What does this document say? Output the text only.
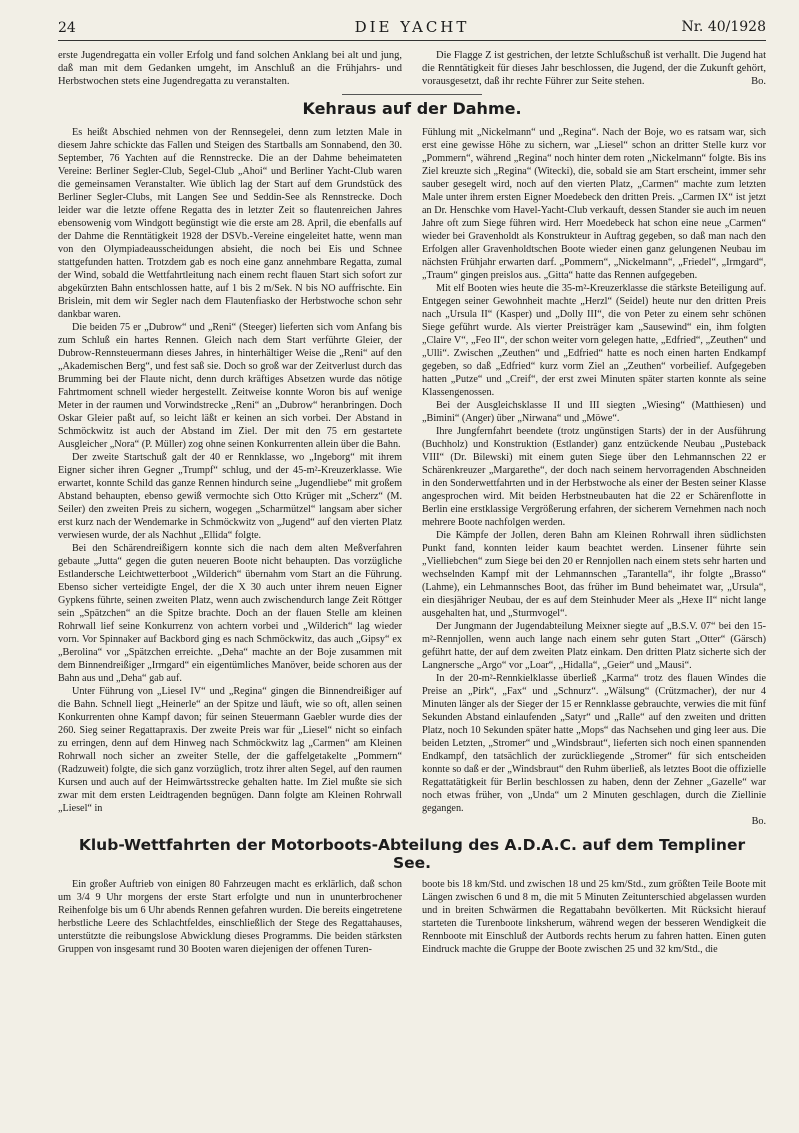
24	DIE YACHT	Nr. 40/1928

erste Jugendregatta ein voller Erfolg und fand solchen Anklang bei alt und jung, daß man mit dem Gedanken umgeht, im Anschluß an die Frühjahrs- und Herbstwochen stets eine Jugendregatta zu veranstalten.

Die Flagge Z ist gestrichen, der letzte Schlußschuß ist verhallt. Die Jugend hat die Renntätigkeit für dieses Jahr beschlossen, die Jugend, der die Zukunft gehört, vorausgesetzt, daß ihr rechte Führer zur Seite stehen.	Bo.

Kehraus auf der Dahme.

Es heißt Abschied nehmen von der Rennsegelei, denn zum letzten Male in diesem Jahre schickte das Fallen und Steigen des Startballs am Sonnabend, den 30. September, 76 Yachten auf die Rennstrecke. Die an der Dahme beheimateten Vereine: Berliner Segler-Club, Segel-Club „Ahoi“ und Berliner Yacht-Club waren die gemeinsamen Veranstalter. Wie üblich lag der Start auf dem Grundstück des Berliner Segler-Clubs, mit Langen See und Seddin-See als Rennstrecke. Doch leider war die letzte offene Regatta des in letzter Zeit so flautenreichen Jahres ebensowenig vom Windgott begünstigt wie die erste am 28. April, die ebenfalls auf der Dahme die Renntätigkeit 1928 der DSVb.-Vereine eingeleitet hatte, wenn man von den Olympiadeausscheidungen absieht, die noch bei Eis und Schnee stattgefunden hatten. Trotzdem gab es noch eine ganz annehmbare Regatta, zumal der Wind, sobald die Wettfahrtleitung nach einem recht flauen Start sich sofort zur abgekürzten Bahn entschlossen hatte, auf 1 bis 2 m/Sek. N bis NO auffrischte. Ein Brislein, mit dem wir Segler nach dem Flautenfiasko der Herbstwoche schon sehr dankbar waren.

Die beiden 75 er „Dubrow“ und „Reni“ (Steeger) lieferten sich vom Anfang bis zum Schluß ein hartes Rennen. Gleich nach dem Start verführte Gleier, der Dubrow-Rennsteuermann dieses Jahres, in hinterhältiger Weise die „Reni“ auf den „Akademischen Berg“, und fest saß sie. Doch so groß war der Zeitverlust durch das Brumming bei der Flaute nicht, denn durch kräftiges Absetzen wurde das nötige Fahrtmoment schnell wieder hergestellt. Zeitweise konnte Woron bis auf wenige Meter in der raumen und Vorwindstrecke „Reni“ an „Dubrow“ heranbringen. Doch Oskar Gleier paßt auf, so leicht läßt er keinen an sich vorbei. Der Abstand in Schmöckwitz ist auch der Abstand im Ziel. Der mit den 75 ern gestartete Ausgleicher „Nora“ (P. Müller) zog ohne seinen Konkurrenten allein über die Bahn.

Der zweite Startschuß galt der 40 er Rennklasse, wo „Ingeborg“ mit ihrem Eigner sicher ihren Gegner „Trumpf“ schlug, und der 45-m²-Kreuzerklasse. Wie erwartet, konnte Schild das ganze Rennen hindurch seine „Jugendliebe“ mit großem Abstand behaupten, ebenso gewiß vermochte sich Otto Krüger mit „Scherz“ (M. Seiler) den zweiten Preis zu sichern, wogegen „Scharmützel“ langsam aber sicher erst kurz nach der Wendemarke in Schmöckwitz von „Jugend“ auf den vierten Platz verwiesen wurde, der als Nachhut „Ellida“ folgte.

Bei den Schärendreißigern konnte sich die nach dem alten Meßverfahren gebaute „Jutta“ gegen die guten neueren Boote nicht behaupten. Das vorzügliche Estlandersche Leichtwetterboot „Wilderich“ übernahm vom Start an die Führung. Ebenso sicher verteidigte Engel, der die X 30 auch unter ihrem neuen Eigner Gypkens führte, seinen zweiten Platz, wenn auch zwischendurch lange Zeit Röttger sein „Spätzchen“ an die Spitze brachte. Doch an der flauen Stelle am kleinen Rohrwall lief seine Konkurrenz von achtern vorbei und „Wilderich“ lag wieder vorn. Vor Spinnaker auf Backbord ging es nach Schmöckwitz, das auch „Gipsy“ ex „Berolina“ vor „Spätzchen erreichte. „Deha“ machte an der Boje zusammen mit dem Binnendreißiger „Irmgard“ ein eigentümliches Manöver, beide schoren aus der Bahn aus und „Deha“ gab auf.

Unter Führung von „Liesel IV“ und „Regina“ gingen die Binnendreißiger auf die Bahn. Schnell liegt „Heinerle“ an der Spitze und läuft, wie so oft, allen seinen Konkurrenten ohne Kampf davon; für seinen Steuermann Gaebler wurde dies der 260. Sieg seiner Regattapraxis. Der zweite Preis war für „Liesel“ nicht so einfach zu erringen, denn auf dem Hinweg nach Schmöckwitz lag „Carmen“ am Kleinen Rohrwall noch sicher an zweiter Stelle, der die gaffelgetakelte „Pommern“ (Radzuweit) folgte, die sich ganz vorzüglich, trotz ihrer alten Segel, auf den raumen Kursen und auch auf der Heimwärtsstrecke gehalten hatte. Im Ziel mußte sie sich zwar mit dem ersten Leidtragenden begnügen. Dann folgte am Kleinen Rohrwall „Liesel“ in

Fühlung mit „Nickelmann“ und „Regina“. Nach der Boje, wo es ratsam war, sich erst eine gewisse Höhe zu sichern, war „Liesel“ schon an dritter Stelle kurz vor „Pommern“, während „Regina“ noch hinter dem roten „Nickelmann“ folgte. Bis ins Ziel kreuzte sich „Regina“ (Witecki), die, sobald sie am Start erscheint, immer sehr sauber gesegelt wird, noch auf den vierten Platz, „Carmen“ machte zum letzten Male unter ihrem ersten Eigner Moedebeck den dritten Preis. „Carmen IX“ ist jetzt an Dr. Henschke vom Havel-Yacht-Club verkauft, dessen Stander sie auch im neuen Jahre oft zum Siege führen wird. Herr Moedebeck hat schon eine neue „Carmen“ wieder bei Gravenholdt als Konstrukteur in Auftrag gegeben, so daß man nach den Erfolgen aller Gravenholdtschen Boote wieder einen ganz gelungenen Neubau im nächsten Frühjahr erwarten darf. „Pommern“, „Nickelmann“, „Friedel“, „Irmgard“, „Traum“ gingen preislos aus. „Gitta“ hatte das Rennen aufgegeben.

Mit elf Booten wies heute die 35-m²-Kreuzerklasse die stärkste Beteiligung auf. Entgegen seiner Gewohnheit machte „Herzl“ (Seidel) heute nur den dritten Preis nach „Ursula II“ (Kasper) und „Dolly III“, die von Peter zu einem sehr schönen Siege geführt wurde. Als vierter Preisträger kam „Sausewind“ ein, ihm folgten „Claire V“, „Feo II“, der schon weiter vorn gelegen hatte, „Edfried“, „Zeuthen“ und „Ulli“. Zwischen „Zeuthen“ und „Edfried“ hatte es noch einen harten Endkampf gegeben, so daß „Edfried“ kurz vorm Ziel an „Zeuthen“ vorbeilief. Aufgegeben hatten „Putze“ und „Creif“, der erst zwei Minuten später starten konnte als seine Klassengenossen.

Bei der Ausgleichsklasse II und III siegten „Wiesing“ (Matthiesen) und „Bimini“ (Anger) über „Nirwana“ und „Möwe“.

Ihre Jungfernfahrt beendete (trotz ungünstigen Starts) der in der Ausführung (Buchholz) und Konstruktion (Estlander) ganz entzückende Neubau „Pusteback VIII“ (Dr. Bilewski) mit einem guten Siege über den Lehmannschen 22 er Schärenkreuzer „Margarethe“, der doch nach seinem hervorragenden Abschneiden in den Sonderwettfahrten und in der Herbstwoche als einer der Besten seiner Klasse angesprochen wird. Mit beiden Herbstneubauten hat die 22 er Schärenflotte in Berlin eine erstklassige Vergrößerung erfahren, der sicherem Vernehmen nach noch mehrere Boote nachfolgen werden.

Die Kämpfe der Jollen, deren Bahn am Kleinen Rohrwall ihren südlichsten Punkt fand, konnten leider kaum beachtet werden. Linsener führte sein „Vielliebchen“ zum Siege bei den 20 er Rennjollen nach einem stets sehr harten und wechselnden Kampf mit der Lehmannschen „Tarantella“, ihr folgte „Brasso“ (Lahme), ein Lehmannsches Boot, das früher im Bund beheimatet war, „Ursula“, ein diesjähriger Neubau, der es auf dem Steinhuder Meer als „Hexe II“ nicht lange ausgehalten hat, und „Sturmvogel“.

Der Jungmann der Jugendabteilung Meixner siegte auf „B.S.V. 07“ bei den 15-m²-Rennjollen, wenn auch lange nach einem sehr guten Start „Otter“ (Gärsch) geführt hatte, der auf dem zweiten Platz einkam. Den dritten Platz sicherte sich der Langnersche „Argo“ vor „Loar“, „Hidalla“, „Geier“ und „Mausi“.

In der 20-m²-Rennkielklasse überließ „Karma“ trotz des flauen Windes die Preise an „Pirk“, „Fax“ und „Schnurz“. „Wälsung“ (Crützmacher), der nur 4 Minuten länger als der Sieger der 15 er Rennklasse gebrauchte, verwies die mit fünf Sekunden Abstand einlaufenden „Satyr“ und „Ralle“ auf den zweiten und dritten Platz, noch 10 Sekunden später hatte „Mops“ das Nachsehen und ging leer aus. Die beiden Letzten, „Stromer“ und „Windsbraut“, lieferten sich noch einen spannenden Endkampf, den tatsächlich der zurückliegende „Stromer“ für sich entscheiden konnte so daß er der „Windsbraut“ den Ruhm überließ, als letztes Boot die offizielle Regattatätigkeit für Berlin beschlossen zu haben, denn der Zehner „Gazelle“ war noch etwas früher, von „Unda“ um 2 Minuten geschlagen, durch die Ziellinie gegangen.

Bo.

Klub-Wettfahrten der Motorboots-Abteilung des A.D.A.C. auf dem Templiner See.

Ein großer Auftrieb von einigen 80 Fahrzeugen macht es erklärlich, daß schon um 3/4 9 Uhr morgens der erste Start erfolgte und nun in ununterbrochener Reihenfolge bis um 6 Uhr abends Rennen gefahren wurden. Die bereits eingetretene herbstliche Leere des Schlachtfeldes, einschließlich der Stege des Regattahauses, unterstützte die reibungslose Abwicklung dieses Programms. Die beiden stärksten Gruppen von insgesamt rund 30 Booten waren diejenigen der offenen Turen-

boote bis 18 km/Std. und zwischen 18 und 25 km/Std., zum größten Teile Boote mit Längen zwischen 6 und 8 m, die mit 5 Minuten Zeitunterschied abgelassen wurden und in breiten Schwärmen die Regattabahn bevölkerten. Mit Rücksicht hierauf starteten die Turenboote linksherum, während wegen der besseren Wendigkeit die Rennboote mit Einschluß der Autbords rechts herum zu fahren hatten. Einen guten Eindruck machte die Gruppe der Boote zwischen 25 und 32 km/Std., die
